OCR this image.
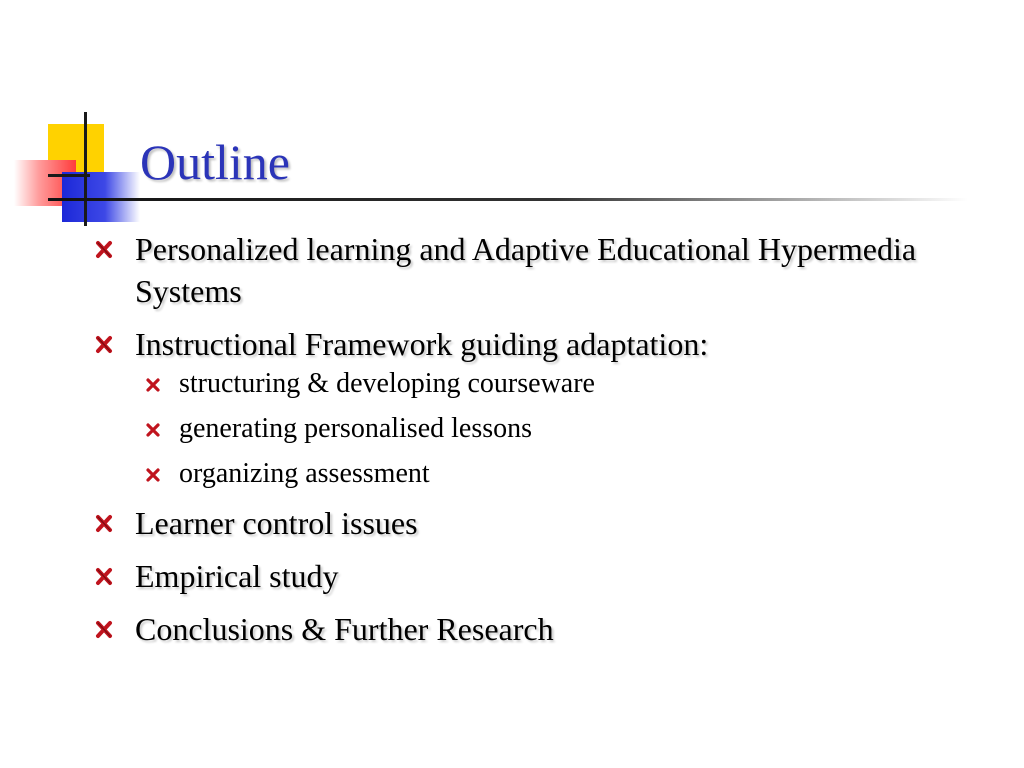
Outline
Personalized learning and Adaptive Educational Hypermedia Systems
Instructional Framework guiding adaptation:
structuring & developing courseware
generating personalised lessons
organizing assessment
Learner control issues
Empirical study
Conclusions & Further Research
